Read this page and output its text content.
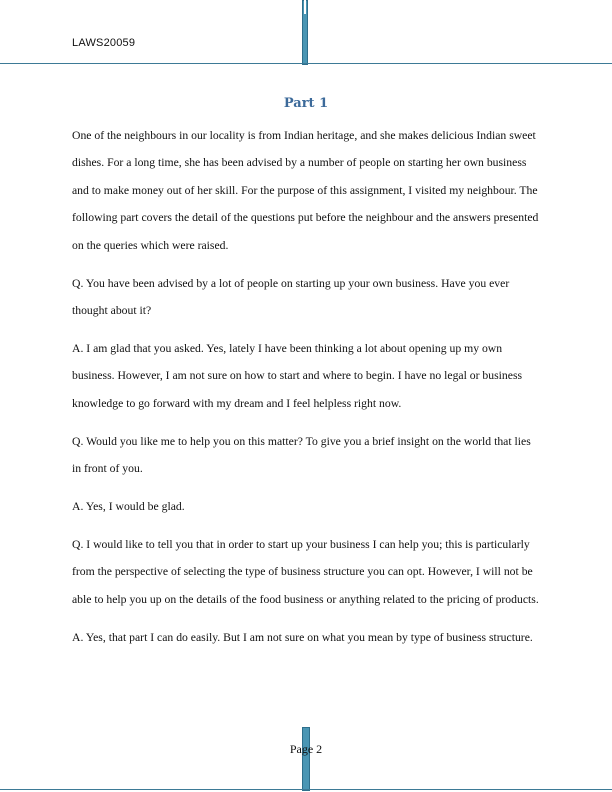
LAWS20059
Part 1

One of the neighbours in our locality is from Indian heritage, and she makes delicious Indian sweet dishes. For a long time, she has been advised by a number of people on starting her own business and to make money out of her skill. For the purpose of this assignment, I visited my neighbour. The following part covers the detail of the questions put before the neighbour and the answers presented on the queries which were raised.

Q. You have been advised by a lot of people on starting up your own business. Have you ever thought about it?

A. I am glad that you asked. Yes, lately I have been thinking a lot about opening up my own business. However, I am not sure on how to start and where to begin. I have no legal or business knowledge to go forward with my dream and I feel helpless right now.

Q. Would you like me to help you on this matter? To give you a brief insight on the world that lies in front of you.

A. Yes, I would be glad.

Q. I would like to tell you that in order to start up your business I can help you; this is particularly from the perspective of selecting the type of business structure you can opt. However, I will not be able to help you up on the details of the food business or anything related to the pricing of products.

A. Yes, that part I can do easily. But I am not sure on what you mean by type of business structure.

Page 2
